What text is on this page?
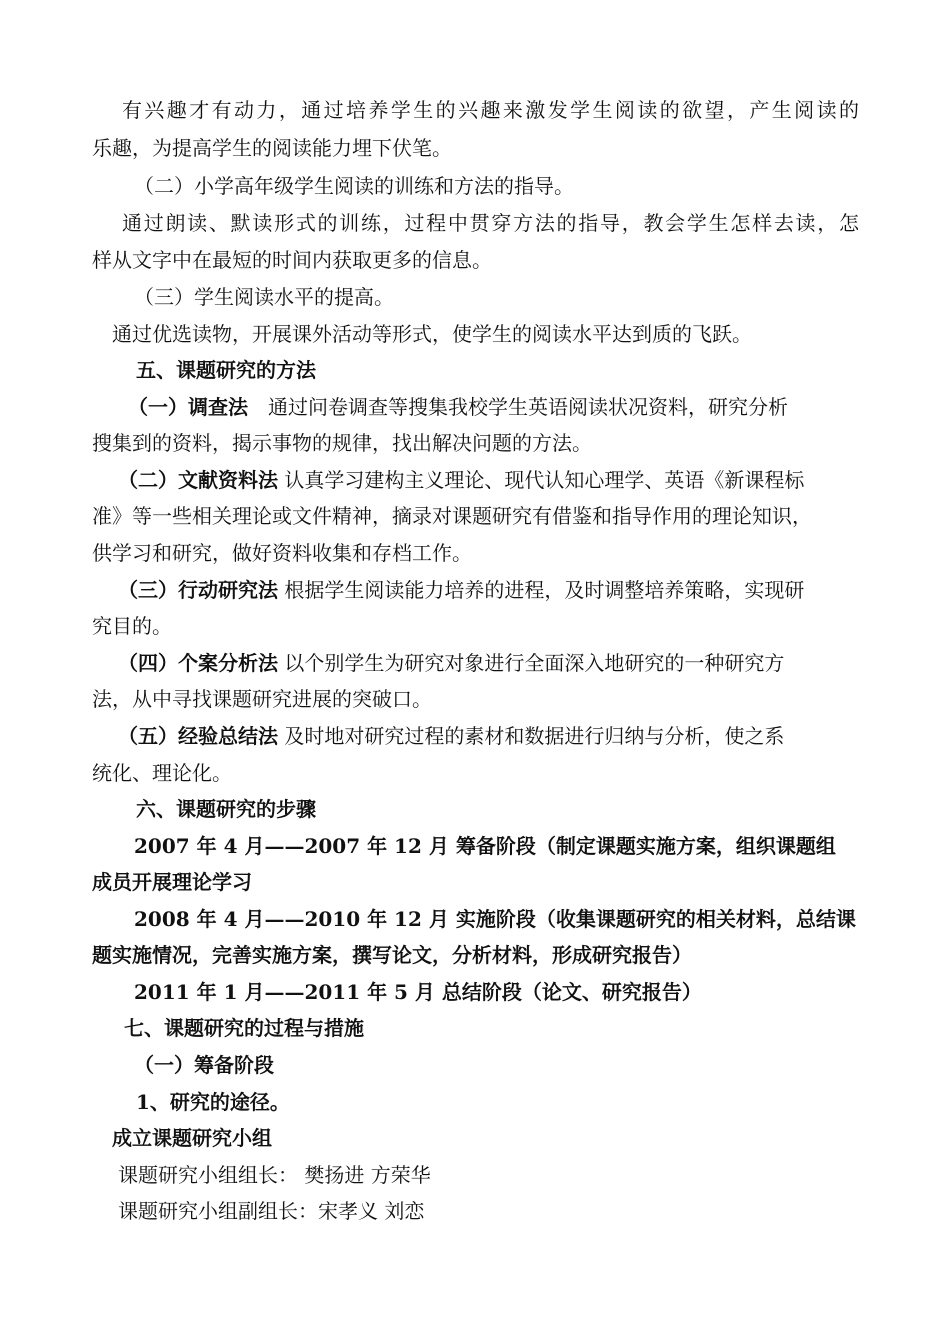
有兴趣才有动力，通过培养学生的兴趣来激发学生阅读的欲望，产生阅读的
乐趣，为提高学生的阅读能力埋下伏笔。
（二）小学高年级学生阅读的训练和方法的指导。
通过朗读、默读形式的训练，过程中贯穿方法的指导，教会学生怎样去读，怎
样从文字中在最短的时间内获取更多的信息。
（三）学生阅读水平的提高。
通过优选读物，开展课外活动等形式，使学生的阅读水平达到质的飞跃。
五、课题研究的方法
（一）调查法　通过问卷调查等搜集我校学生英语阅读状况资料，研究分析
搜集到的资料，揭示事物的规律，找出解决问题的方法。
（二）文献资料法 认真学习建构主义理论、现代认知心理学、英语《新课程标
准》等一些相关理论或文件精神，摘录对课题研究有借鉴和指导作用的理论知识，
供学习和研究，做好资料收集和存档工作。
（三）行动研究法 根据学生阅读能力培养的进程，及时调整培养策略，实现研
究目的。
（四）个案分析法 以个别学生为研究对象进行全面深入地研究的一种研究方
法，从中寻找课题研究进展的突破口。
（五）经验总结法 及时地对研究过程的素材和数据进行归纳与分析，使之系
统化、理论化。
六、课题研究的步骤
2007 年 4 月——2007 年 12 月 筹备阶段（制定课题实施方案，组织课题组
成员开展理论学习
2008 年 4 月——2010 年 12 月 实施阶段（收集课题研究的相关材料，总结课
题实施情况，完善实施方案，撰写论文，分析材料，形成研究报告）
2011 年 1 月——2011 年 5 月 总结阶段（论文、研究报告）
七、课题研究的过程与措施
（一）筹备阶段
1、研究的途径。
成立课题研究小组
课题研究小组组长： 樊扬进 方荣华
课题研究小组副组长：宋孝义 刘恋
